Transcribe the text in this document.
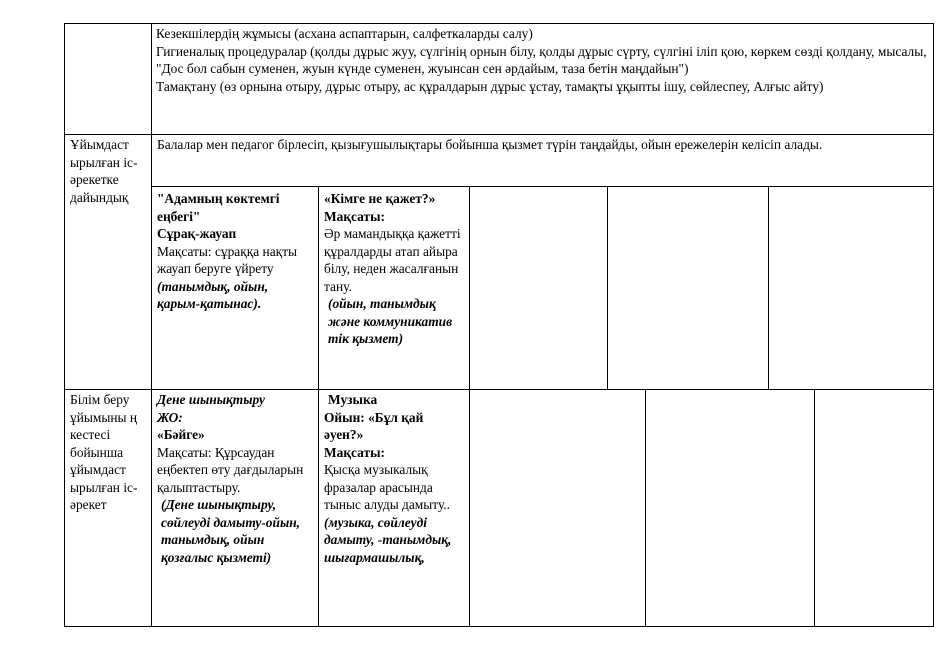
Кезекшілердің жұмысы (асхана аспаптарын, салфеткаларды салу)
Гигиеналық процедуралар (қолды дұрыс жуу, сүлгінің орнын білу, қолды дұрыс сүрту, сүлгіні іліп қою, көркем сөзді қолдану, мысалы, "Дос бол сабын суменен, жуын күнде суменен, жуынсан сен әрдайым, таза бетін маңдайын")
Тамақтану (өз орнына отыру, дұрыс отыру, ас құралдарын дұрыс ұстау, тамақты ұқыпты ішу, сөйлеспеу, Алғыс айту)
Ұйымдаст ырылған іс-әрекетке дайындық
Балалар мен педагог бірлесіп, қызығушылықтары бойынша қызмет түрін таңдайды, ойын ережелерін келісіп алады.
"Адамның көктемгі еңбегі"
Сұрақ-жауап
Мақсаты: сұраққа нақты жауап беруге үйрету
(танымдық, ойын, қарым-қатынас).
«Кімге не қажет?»
Мақсаты:
Әр мамандыққа қажетті құралдарды атап айыра білу, неден жасалғанын тану.
(ойын, танымдық және коммуникатив тік қызмет)
Білім беру ұйымыны ң кестесі бойынша ұйымдаст ырылған іс-әрекет
Дене шынықтыру
ЖО:
«Бәйге»
Мақсаты: Құрсаудан еңбектеп өту дағдыларын қалыптастыру.
(Дене шынықтыру, сөйлеуді дамыту-ойын, танымдық, ойын қозғалыс қызметі)
Музыка
Ойын: «Бұл қай әуен?»
Мақсаты:
Қысқа музыкалық фразалар арасында тыныс алуды дамыту..
(музыка, сөйлеуді дамыту, -танымдық, шығармашылық,
